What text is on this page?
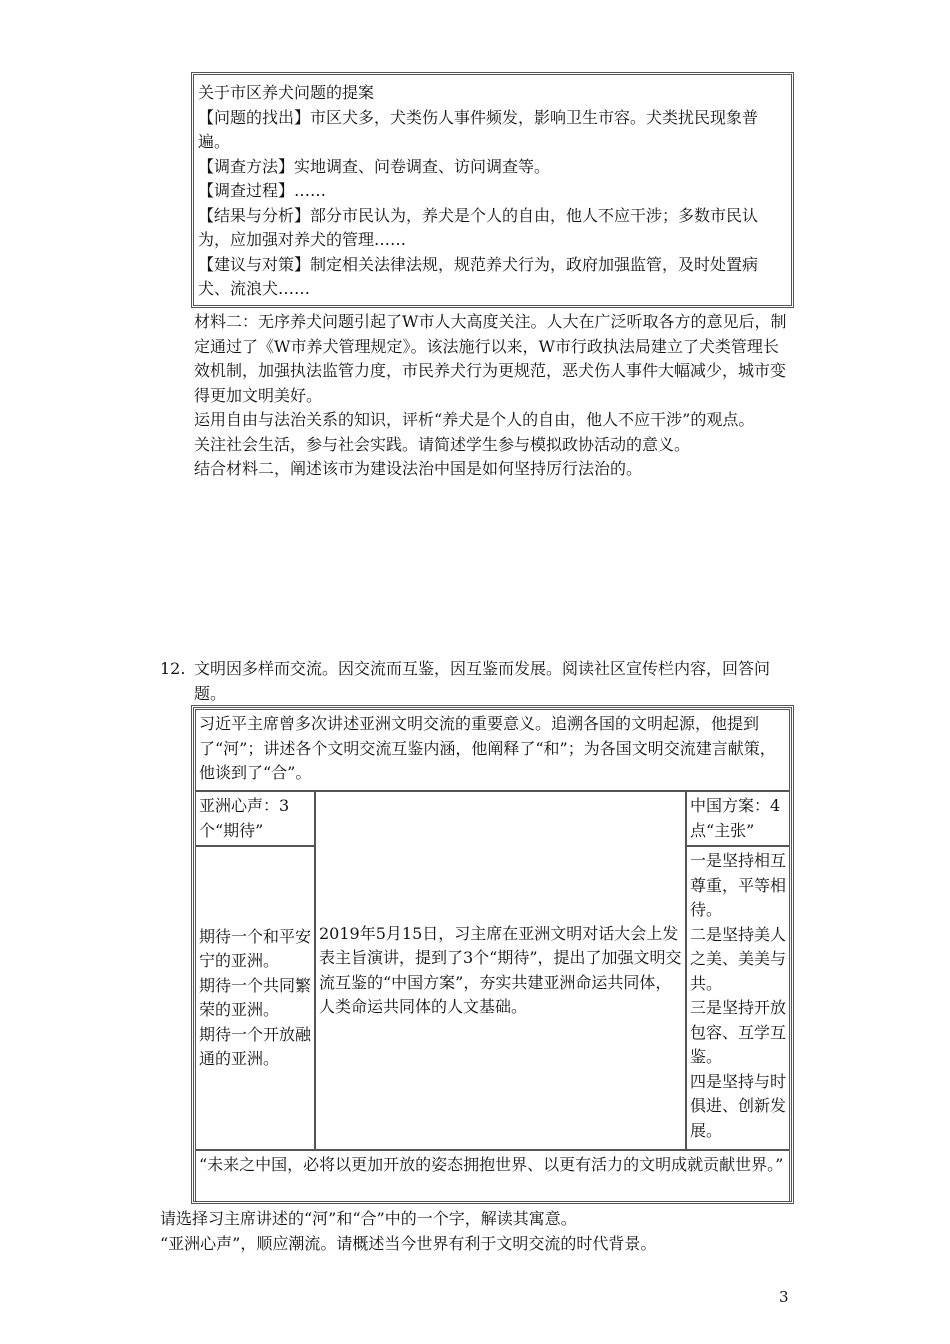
关于市区养犬问题的提案

【问题的找出】市区犬多，犬类伤人事件频发，影响卫生市容。犬类扰民现象普遍。

【调查方法】实地调查、问卷调查、访问调查等。

【调查过程】……

【结果与分析】部分市民认为，养犬是个人的自由，他人不应干涉；多数市民认为，应加强对养犬的管理……

【建议与对策】制定相关法律法规，规范养犬行为，政府加强监管，及时处置病犬、流浪犬……

材料二：无序养犬问题引起了W市人大高度关注。人大在广泛听取各方的意见后，制定通过了《W市养犬管理规定》。该法施行以来，W市行政执法局建立了犬类管理长效机制，加强执法监管力度，市民养犬行为更规范，恶犬伤人事件大幅减少，城市变得更加文明美好。

运用自由与法治关系的知识，评析“养犬是个人的自由，他人不应干涉”的观点。

关注社会生活，参与社会实践。请简述学生参与模拟政协活动的意义。

结合材料二，阐述该市为建设法治中国是如何坚持厉行法治的。

12. 文明因多样而交流。因交流而互鉴，因互鉴而发展。阅读社区宣传栏内容，回答问题。

习近平主席曾多次讲述亚洲文明交流的重要意义。追溯各国的文明起源，他提到了“河”；讲述各个文明交流互鉴内涵，他阐释了“和”；为各国文明交流建言献策，他谈到了“合”。

亚洲心声：3个“期待”

2019年5月15日，习主席在亚洲文明对话大会上发表主旨演讲，提到了3个“期待”，提出了加强文明交流互鉴的“中国方案”，夯实共建亚洲命运共同体，人类命运共同体的人文基础。

中国方案：4点“主张”

期待一个和平安宁的亚洲。

期待一个共同繁荣的亚洲。

期待一个开放融通的亚洲。

一是坚持相互尊重，平等相待。

二是坚持美人之美、美美与共。

三是坚持开放包容、互学互鉴。

四是坚持与时俱进、创新发展。

“未来之中国，必将以更加开放的姿态拥抱世界、以更有活力的文明成就贡献世界。”

请选择习主席讲述的“河”和“合”中的一个字，解读其寓意。
“亚洲心声”，顺应潮流。请概述当今世界有利于文明交流的时代背景。
3
